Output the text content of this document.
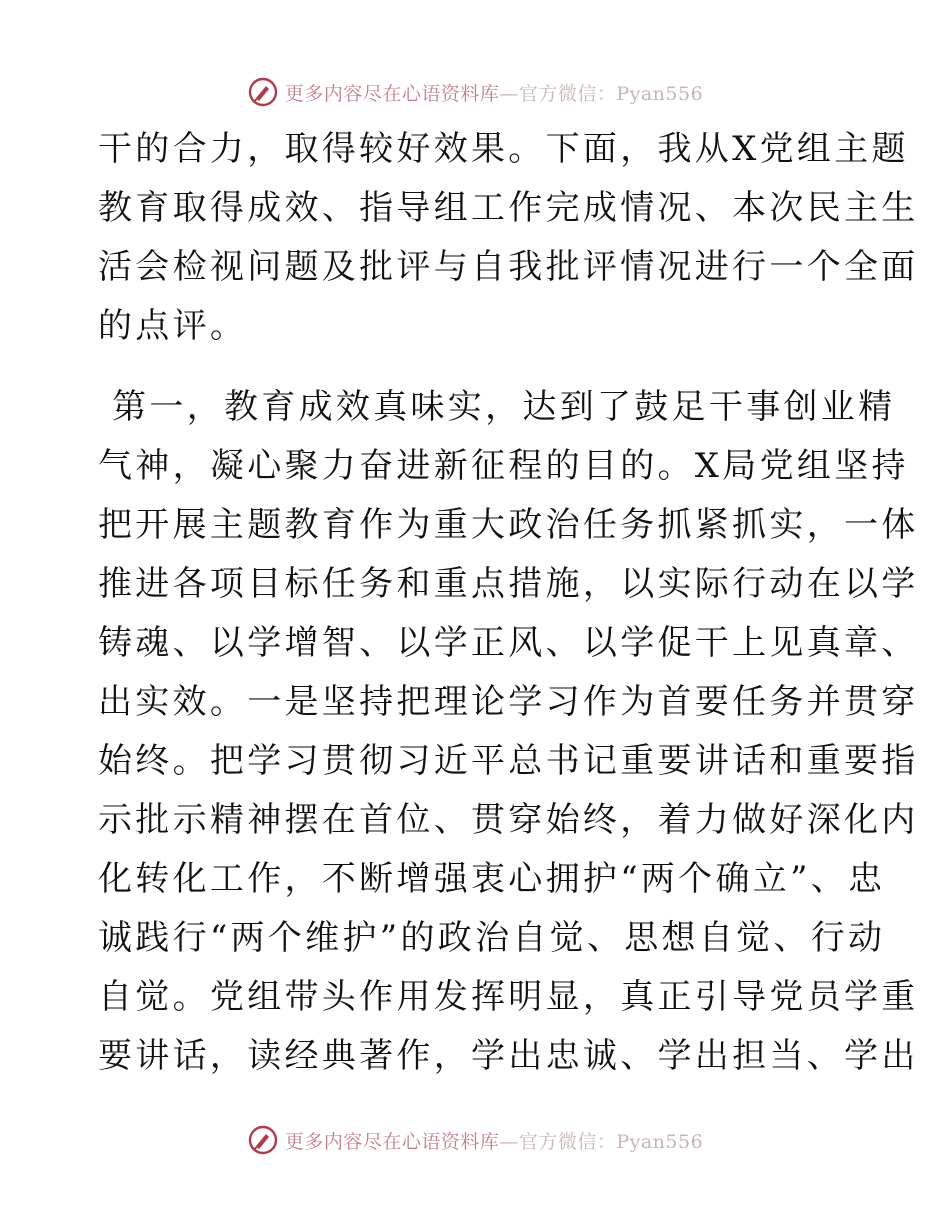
更多内容尽在心语资料库—官方微信：Pyan556
干的合力，取得较好效果。下面，我从X党组主题
教育取得成效、指导组工作完成情况、本次民主生
活会检视问题及批评与自我批评情况进行一个全面
的点评。
第一，教育成效真味实，达到了鼓足干事创业精
气神，凝心聚力奋进新征程的目的。X局党组坚持
把开展主题教育作为重大政治任务抓紧抓实，一体
推进各项目标任务和重点措施，以实际行动在以学
铸魂、以学增智、以学正风、以学促干上见真章、
出实效。一是坚持把理论学习作为首要任务并贯穿
始终。把学习贯彻习近平总书记重要讲话和重要指
示批示精神摆在首位、贯穿始终，着力做好深化内
化转化工作，不断增强衷心拥护“两个确立”、忠
诚践行“两个维护”的政治自觉、思想自觉、行动
自觉。党组带头作用发挥明显，真正引导党员学重
要讲话，读经典著作，学出忠诚、学出担当、学出
更多内容尽在心语资料库—官方微信：Pyan556
